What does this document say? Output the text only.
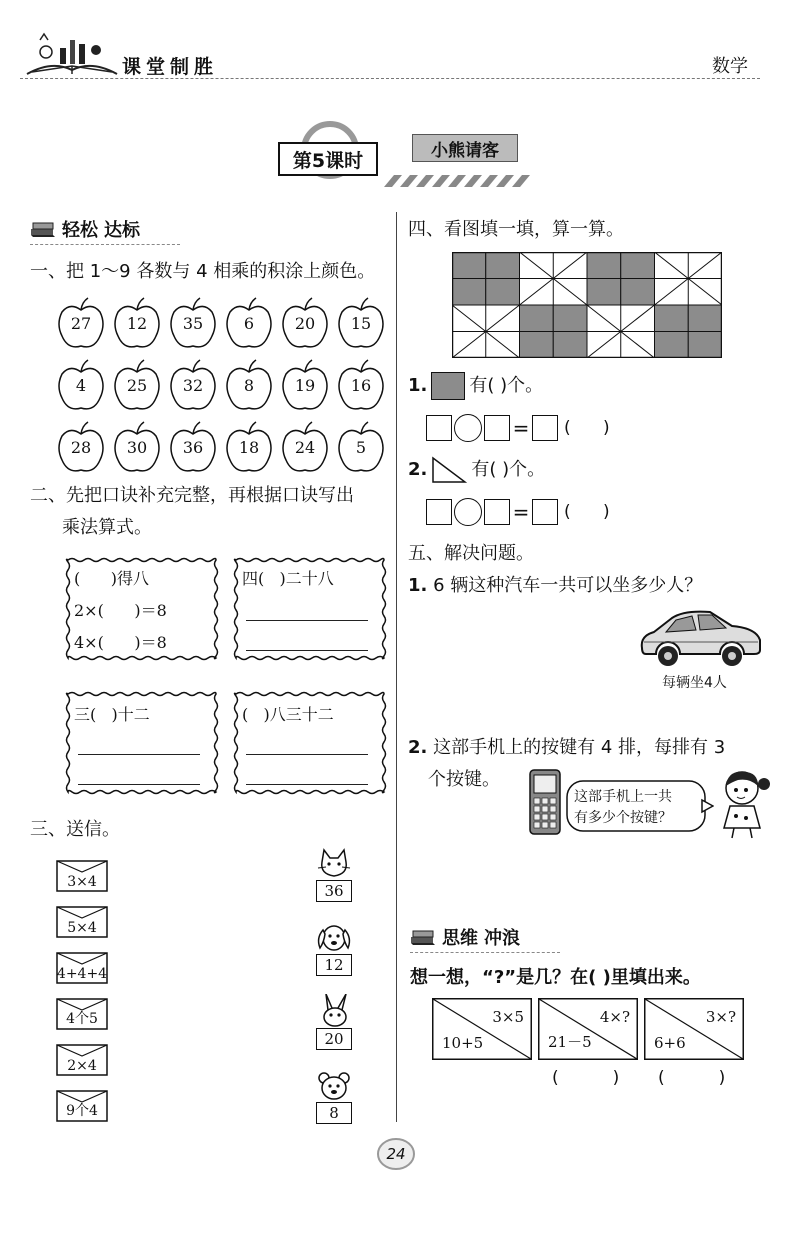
课堂制胜	数学
第5课时	小熊请客
轻松 达标
一、把 1～9 各数与 4 相乘的积涂上颜色。
27	12	35	6	20	15
4	25	32	8	19	16
28	30	36	18	24	5
二、先把口诀补充完整，再根据口诀写出
乘法算式。
(      )得八
2×(      )＝8
4×(      )＝8
四(   )二十八
三(   )十二	(   )八三十二
三、送信。
3×4
5×4
4+4+4
4个5
2×4
9个4
36
12
20
8
四、看图填一填，算一算。
1. 有( )个。
= (      )
2. 有( )个。
= (      )
五、解决问题。
1. 6 辆这种汽车一共可以坐多少人？
每辆坐4人
2. 这部手机上的按键有 4 排，每排有 3
个按键。
这部手机上一共
有多少个按键？
思维 冲浪
想一想，“?”是几？在( )里填出来。
3×5
10+5
4×?
21－5
3×?
6+6
(          ) (          )
24
